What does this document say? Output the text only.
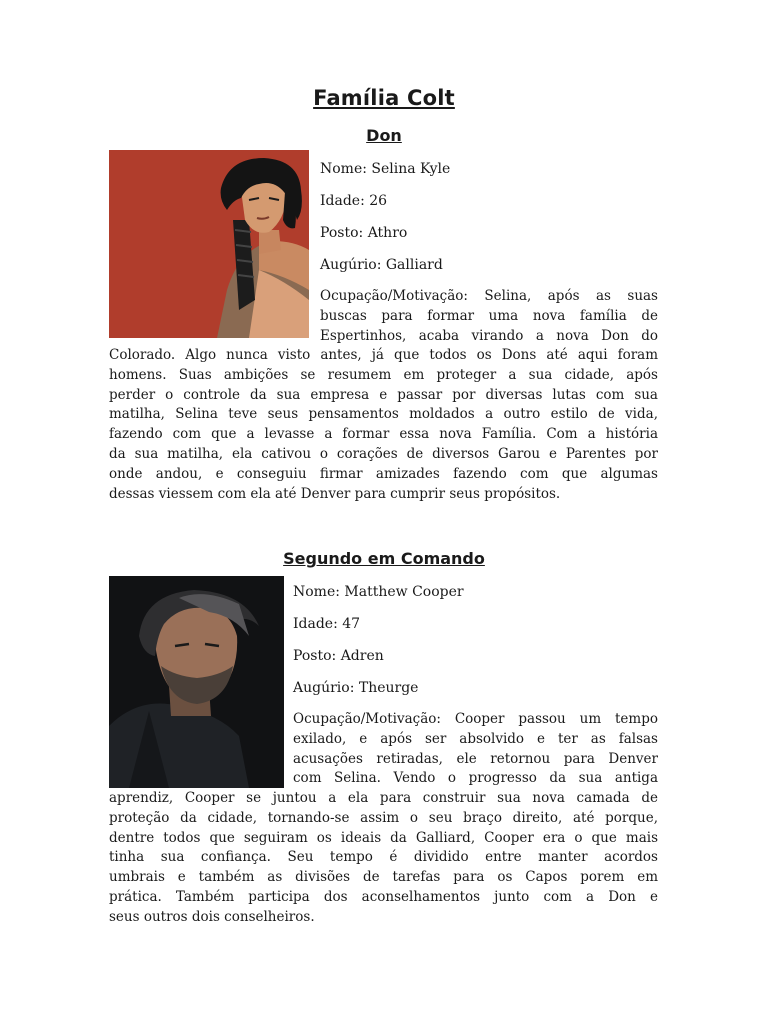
Família Colt
Don

Nome: Selina Kyle

Idade: 26

Posto: Athro

Augúrio: Galliard

Ocupação/Motivação: Selina, após as suas
buscas para formar uma nova família de
Espertinhos, acaba virando a nova Don do
Colorado. Algo nunca visto antes, já que todos os Dons até aqui foram
homens. Suas ambições se resumem em proteger a sua cidade, após
perder o controle da sua empresa e passar por diversas lutas com sua
matilha, Selina teve seus pensamentos moldados a outro estilo de vida,
fazendo com que a levasse a formar essa nova Família. Com a história
da sua matilha, ela cativou o corações de diversos Garou e Parentes por
onde andou, e conseguiu firmar amizades fazendo com que algumas
dessas viessem com ela até Denver para cumprir seus propósitos.
Segundo em Comando

Nome: Matthew Cooper

Idade: 47

Posto: Adren

Augúrio: Theurge

Ocupação/Motivação: Cooper passou um tempo
exilado, e após ser absolvido e ter as falsas
acusações retiradas, ele retornou para Denver
com Selina. Vendo o progresso da sua antiga
aprendiz, Cooper se juntou a ela para construir sua nova camada de
proteção da cidade, tornando-se assim o seu braço direito, até porque,
dentre todos que seguiram os ideais da Galliard, Cooper era o que mais
tinha sua confiança. Seu tempo é dividido entre manter acordos
umbrais e também as divisões de tarefas para os Capos porem em
prática. Também participa dos aconselhamentos junto com a Don e
seus outros dois conselheiros.
